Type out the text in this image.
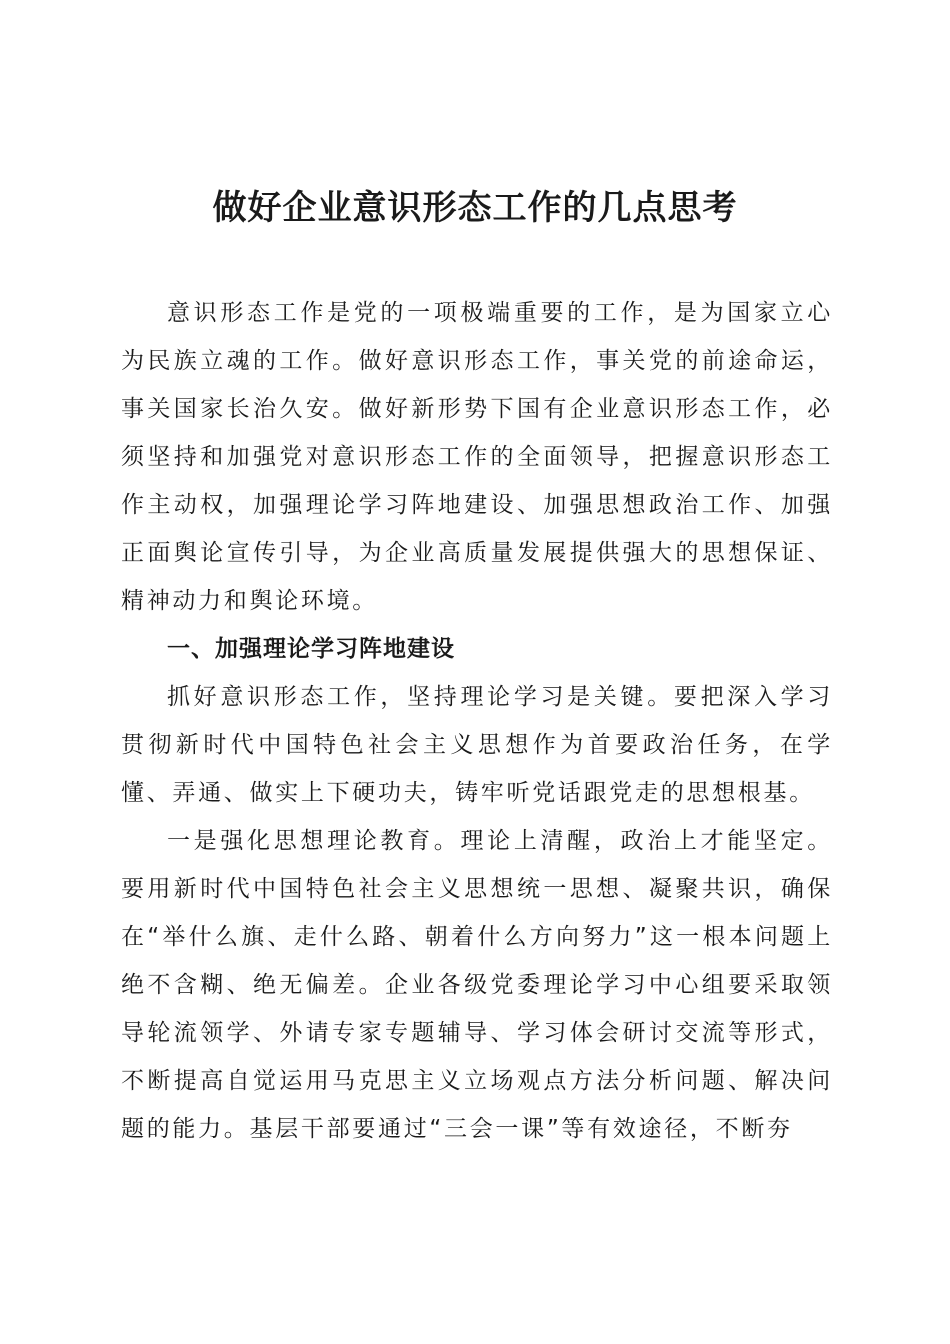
做好企业意识形态工作的几点思考

意识形态工作是党的一项极端重要的工作，是为国家立心为民族立魂的工作。做好意识形态工作，事关党的前途命运，事关国家长治久安。做好新形势下国有企业意识形态工作，必须坚持和加强党对意识形态工作的全面领导，把握意识形态工作主动权，加强理论学习阵地建设、加强思想政治工作、加强正面舆论宣传引导，为企业高质量发展提供强大的思想保证、精神动力和舆论环境。

一、加强理论学习阵地建设

抓好意识形态工作，坚持理论学习是关键。要把深入学习贯彻新时代中国特色社会主义思想作为首要政治任务，在学懂、弄通、做实上下硬功夫，铸牢听党话跟党走的思想根基。

一是强化思想理论教育。理论上清醒，政治上才能坚定。要用新时代中国特色社会主义思想统一思想、凝聚共识，确保在“举什么旗、走什么路、朝着什么方向努力”这一根本问题上绝不含糊、绝无偏差。企业各级党委理论学习中心组要采取领导轮流领学、外请专家专题辅导、学习体会研讨交流等形式，不断提高自觉运用马克思主义立场观点方法分析问题、解决问题的能力。基层干部要通过“三会一课”等有效途径，不断夯
